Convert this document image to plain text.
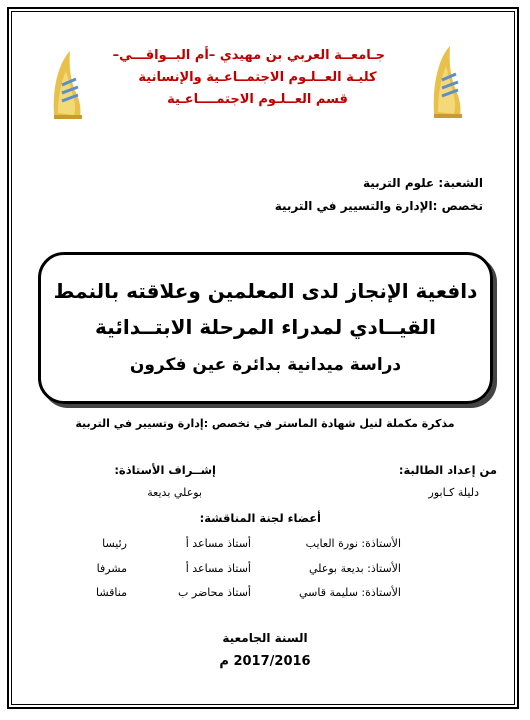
جـامعــة العربي بن مهيدي –أم البــواقـــي–
كليـة العــلـوم الاجتمــاعـية والإنسانية
قسم العــلـوم الاجتمــــاعـية
الشعبة: علوم التربية
تخصص :الإدارة والتسيير في التربية
دافعية الإنجاز لدى المعلمين وعلاقته بالنمط
القيــادي لمدراء المرحلة الابتــدائية
دراسة ميدانية بدائرة عين فكرون
مذكرة مكملة لنيل شهادة الماستر في تخصص :إدارة وتسيير في التربية
من إعداد الطالبة:
دليلة كـابور
إشــراف الأستاذة:
بوعلي بديعة
أعضاء لجنة المناقشة:
الأستاذة: نورة العايب
أستاذ مساعد أ
رئيسا
الأستاذ: بديعة بوعلي
أستاذ مساعد أ
مشرفا
الأستاذة: سليمة قاسي
أستاذ محاضر ب
مناقشا
السنة الجامعية
2017/2016 م
